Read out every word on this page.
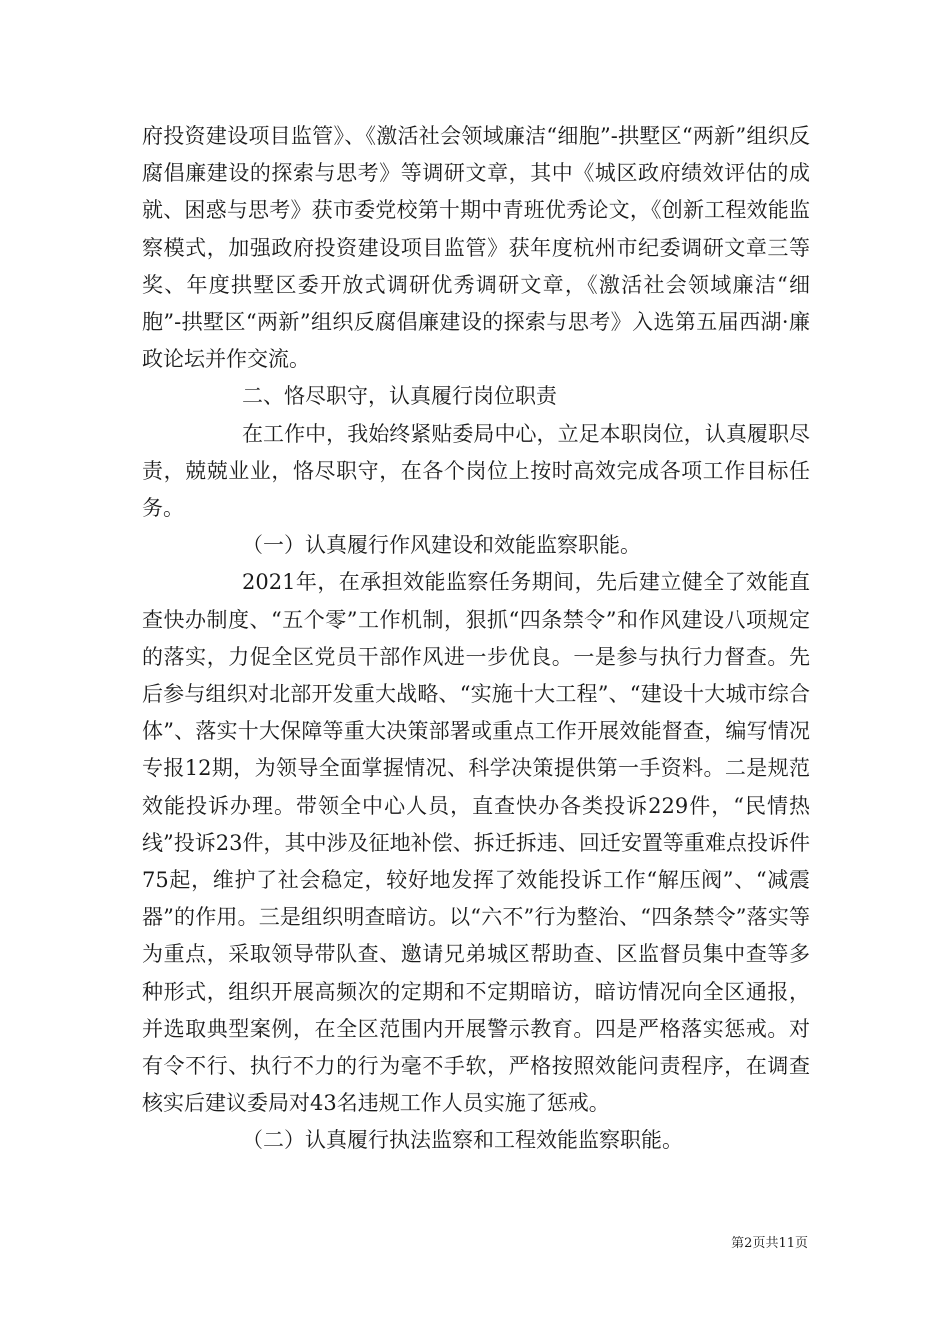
府投资建设项目监管》、《激活社会领域廉洁“细胞”-拱墅区“两新”组织反腐倡廉建设的探索与思考》等调研文章，其中《城区政府绩效评估的成就、困惑与思考》获市委党校第十期中青班优秀论文，《创新工程效能监察模式，加强政府投资建设项目监管》获年度杭州市纪委调研文章三等奖、年度拱墅区委开放式调研优秀调研文章，《激活社会领域廉洁“细胞”-拱墅区“两新”组织反腐倡廉建设的探索与思考》入选第五届西湖·廉政论坛并作交流。

二、恪尽职守，认真履行岗位职责

在工作中，我始终紧贴委局中心，立足本职岗位，认真履职尽责，兢兢业业，恪尽职守，在各个岗位上按时高效完成各项工作目标任务。

（一）认真履行作风建设和效能监察职能。

2021年，在承担效能监察任务期间，先后建立健全了效能直查快办制度、“五个零”工作机制，狠抓“四条禁令”和作风建设八项规定的落实，力促全区党员干部作风进一步优良。一是参与执行力督查。先后参与组织对北部开发重大战略、“实施十大工程”、“建设十大城市综合体”、落实十大保障等重大决策部署或重点工作开展效能督查，编写情况专报12期，为领导全面掌握情况、科学决策提供第一手资料。二是规范效能投诉办理。带领全中心人员，直查快办各类投诉229件，“民情热线”投诉23件，其中涉及征地补偿、拆迁拆违、回迁安置等重难点投诉件75起，维护了社会稳定，较好地发挥了效能投诉工作“解压阀”、“减震器”的作用。三是组织明查暗访。以“六不”行为整治、“四条禁令”落实等为重点，采取领导带队查、邀请兄弟城区帮助查、区监督员集中查等多种形式，组织开展高频次的定期和不定期暗访，暗访情况向全区通报，并选取典型案例，在全区范围内开展警示教育。四是严格落实惩戒。对有令不行、执行不力的行为毫不手软，严格按照效能问责程序，在调查核实后建议委局对43名违规工作人员实施了惩戒。

（二）认真履行执法监察和工程效能监察职能。

第2页共11页
